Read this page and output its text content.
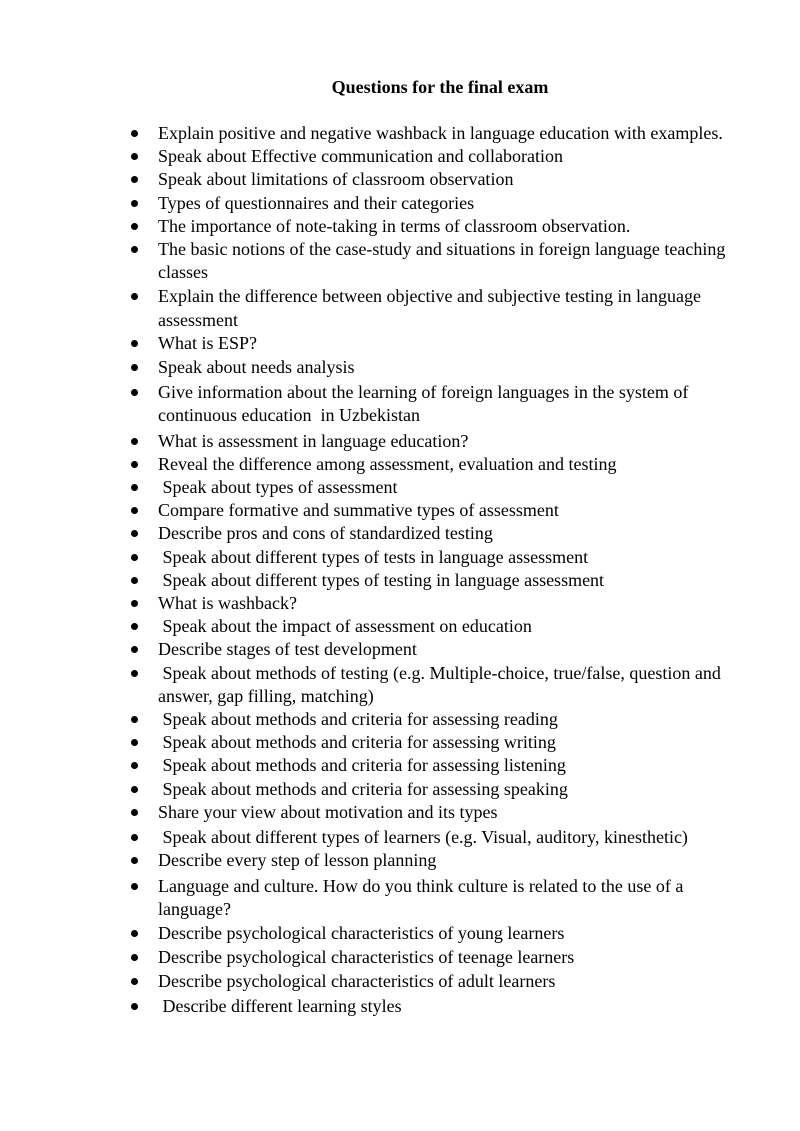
Questions for the final exam
Explain positive and negative washback in language education with examples.
Speak about Effective communication and collaboration
Speak about limitations of classroom observation
Types of questionnaires and their categories
The importance of note-taking in terms of classroom observation.
The basic notions of the case-study and situations in foreign language teaching classes
Explain the difference between objective and subjective testing in language assessment
What is ESP?
Speak about needs analysis
Give information about the learning of foreign languages in the system of continuous education  in Uzbekistan
What is assessment in language education?
Reveal the difference among assessment, evaluation and testing
Speak about types of assessment
Compare formative and summative types of assessment
Describe pros and cons of standardized testing
Speak about different types of tests in language assessment
Speak about different types of testing in language assessment
What is washback?
Speak about the impact of assessment on education
Describe stages of test development
Speak about methods of testing (e.g. Multiple-choice, true/false, question and answer, gap filling, matching)
Speak about methods and criteria for assessing reading
Speak about methods and criteria for assessing writing
Speak about methods and criteria for assessing listening
Speak about methods and criteria for assessing speaking
Share your view about motivation and its types
Speak about different types of learners (e.g. Visual, auditory, kinesthetic)
Describe every step of lesson planning
Language and culture. How do you think culture is related to the use of a language?
Describe psychological characteristics of young learners
Describe psychological characteristics of teenage learners
Describe psychological characteristics of adult learners
Describe different learning styles
